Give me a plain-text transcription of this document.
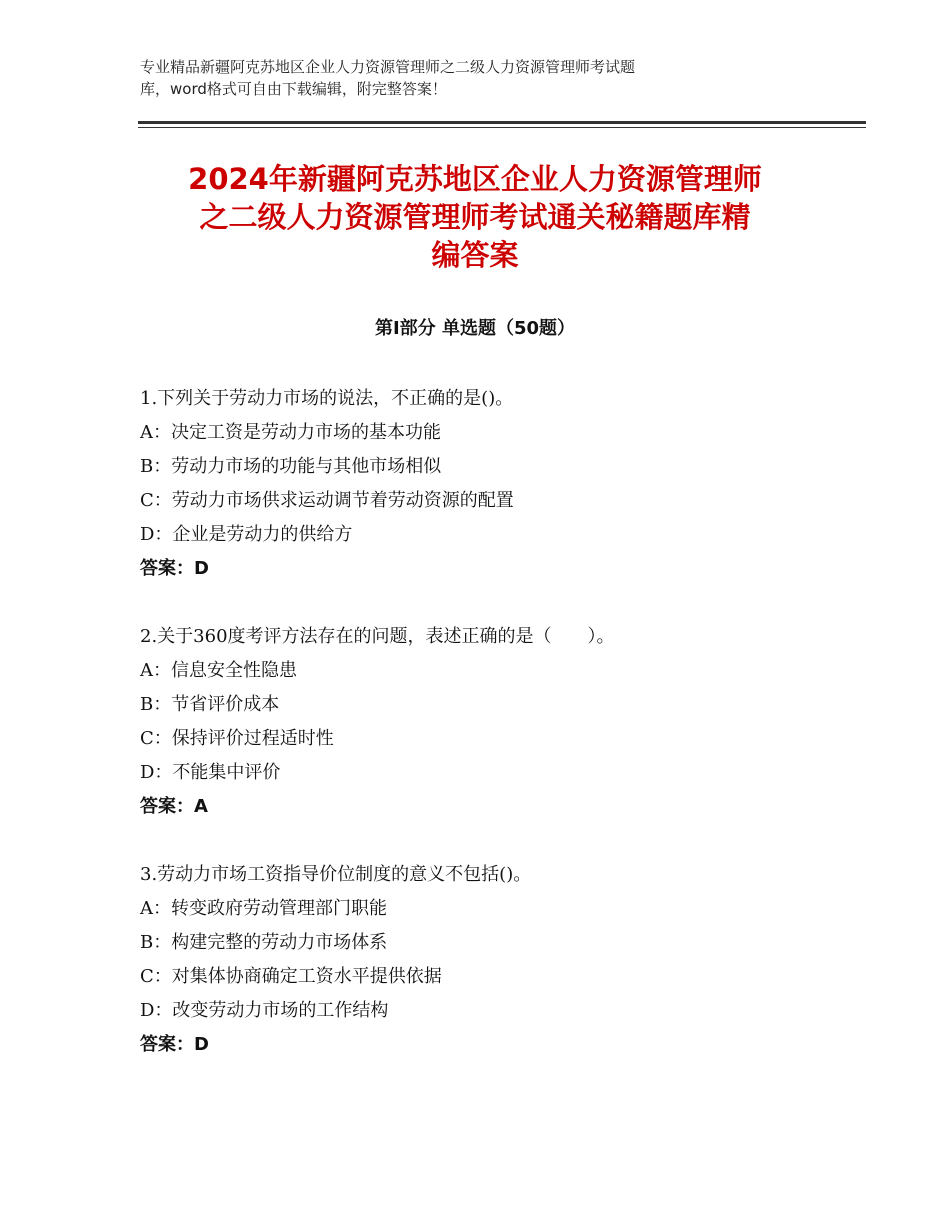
专业精品新疆阿克苏地区企业人力资源管理师之二级人力资源管理师考试题
库，word格式可自由下载编辑，附完整答案！
2024年新疆阿克苏地区企业人力资源管理师
之二级人力资源管理师考试通关秘籍题库精
编答案
第Ⅰ部分 单选题（50题）
1.下列关于劳动力市场的说法，不正确的是()。
A：决定工资是劳动力市场的基本功能
B：劳动力市场的功能与其他市场相似
C：劳动力市场供求运动调节着劳动资源的配置
D：企业是劳动力的供给方
答案：D
2.关于360度考评方法存在的问题，表述正确的是（　　）。
A：信息安全性隐患
B：节省评价成本
C：保持评价过程适时性
D：不能集中评价
答案：A
3.劳动力市场工资指导价位制度的意义不包括()。
A：转变政府劳动管理部门职能
B：构建完整的劳动力市场体系
C：对集体协商确定工资水平提供依据
D：改变劳动力市场的工作结构
答案：D
